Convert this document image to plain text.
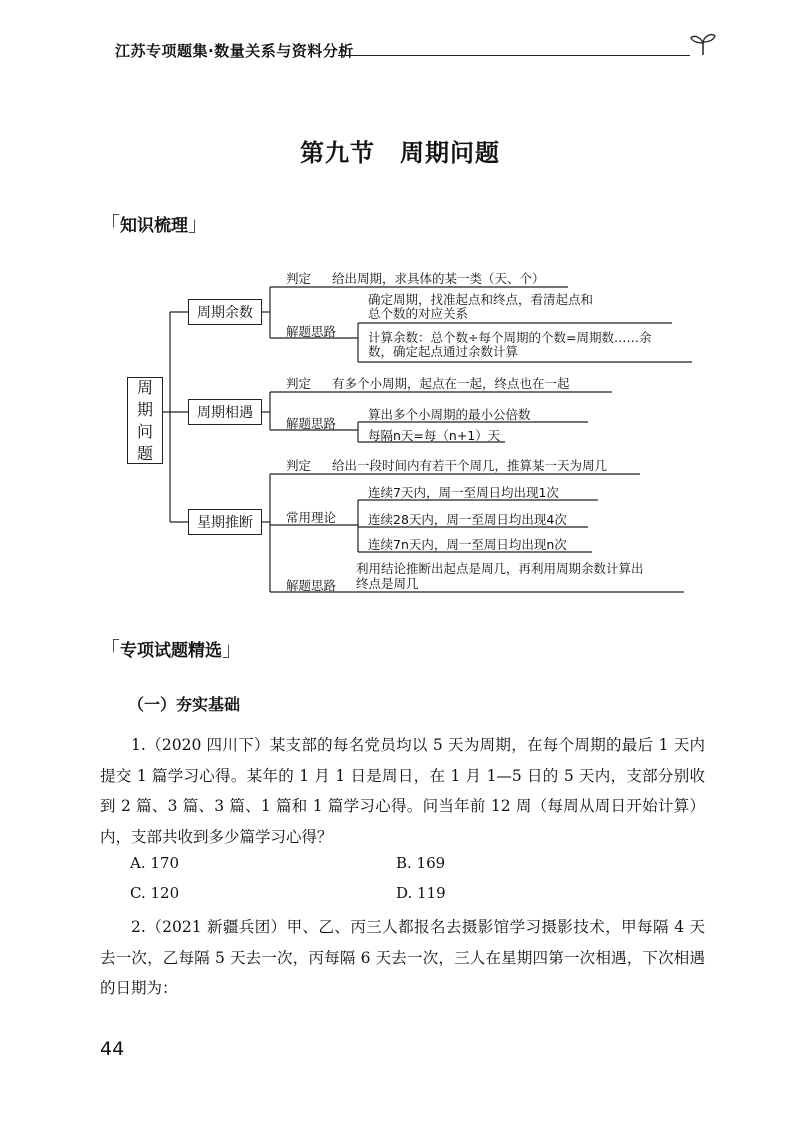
江苏专项题集·数量关系与资料分析
第九节　周期问题
「知识梳理」
周
期
问
题
周期余数
周期相遇
星期推断
判定 给出周期，求具体的某一类（天、个）
解题思路
确定周期，找准起点和终点，看清起点和
总个数的对应关系
计算余数：总个数÷每个周期的个数=周期数……余
数，确定起点通过余数计算
判定 有多个小周期，起点在一起，终点也在一起
解题思路
算出多个小周期的最小公倍数
每隔n天=每（n+1）天
判定 给出一段时间内有若干个周几，推算某一天为周几
常用理论
连续7天内，周一至周日均出现1次
连续28天内，周一至周日均出现4次
连续7n天内，周一至周日均出现n次
解题思路
利用结论推断出起点是周几，再利用周期余数计算出
终点是周几
「专项试题精选」
（一）夯实基础

1.（2020 四川下）某支部的每名党员均以 5 天为周期，在每个周期的最后 1 天内提交 1 篇学习心得。某年的 1 月 1 日是周日，在 1 月 1—5 日的 5 天内，支部分别收到 2 篇、3 篇、3 篇、1 篇和 1 篇学习心得。问当年前 12 周（每周从周日开始计算）内，支部共收到多少篇学习心得？

A. 170	B. 169
C. 120	D. 119

2.（2021 新疆兵团）甲、乙、丙三人都报名去摄影馆学习摄影技术，甲每隔 4 天去一次，乙每隔 5 天去一次，丙每隔 6 天去一次，三人在星期四第一次相遇，下次相遇的日期为：

44
